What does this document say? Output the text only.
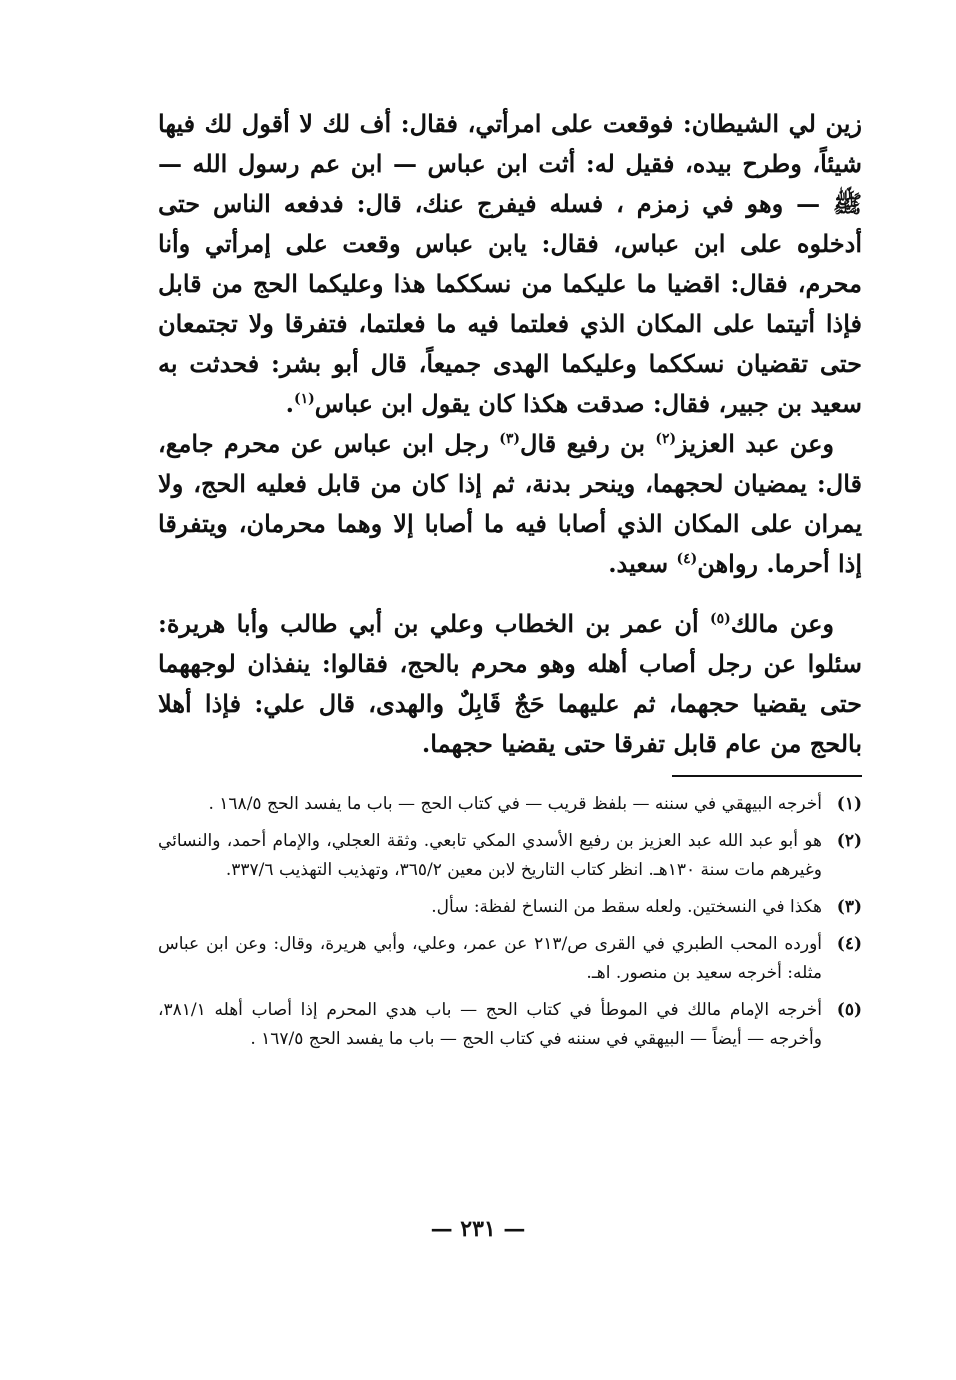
زين لي الشيطان: فوقعت على امرأتي، فقال: أف لك لا أقول لك فيها شيئاً، وطرح بيده، فقيل له: أثت ابن عباس — ابن عم رسول الله — ﷺ — وهو في زمزم ، فسله فيفرج عنك، قال: فدفعه الناس حتى أدخلوه على ابن عباس، فقال: يابن عباس وقعت على إمرأتي وأنا محرم، فقال: اقضيا ما عليكما من نسككما هذا وعليكما الحج من قابل فإذا أتيتما على المكان الذي فعلتما فيه ما فعلتما، فتفرقا ولا تجتمعان حتى تقضيان نسككما وعليكما الهدى جميعاً، قال أبو بشر: فحدثت به سعيد بن جبير، فقال: صدقت هكذا كان يقول ابن عباس$^{(١)}$.

وعن عبد العزيز$^{(٢)}$ بن رفيع قال$^{(٣)}$ رجل ابن عباس عن محرم جامع، قال: يمضيان لحجهما، وينحر بدنة، ثم إذا كان من قابل فعليه الحج، ولا يمران على المكان الذي أصابا فيه ما أصابا إلا وهما محرمان، ويتفرقا إذا أحرما. رواهن$^{(٤)}$ سعيد.

وعن مالك$^{(٥)}$ أن عمر بن الخطاب وعلي بن أبي طالب وأبا هريرة: سئلوا عن رجل أصاب أهله وهو محرم بالحج، فقالوا: ينفذان لوجههما حتى يقضيا حجهما، ثم عليهما حَجٌ قَابِلٌ والهدى، قال علي: فإذا أهلا بالحج من عام قابل تفرقا حتى يقضيا حجهما.

(١)
أخرجه البيهقي في سننه — بلفظ قريب — في كتاب الحج — باب ما يفسد الحج ١٦٨/٥ .
(٢)
هو أبو عبد الله عبد العزيز بن رفيع الأسدي المكي تابعي. وثقة العجلي، والإمام أحمد، والنسائي وغيرهم مات سنة ١٣٠هـ. انظر كتاب التاريخ لابن معين ٣٦٥/٢، وتهذيب التهذيب ٣٣٧/٦.
(٣)
هكذا في النسختين. ولعله سقط من النساخ لفظة: سأل.
(٤)
أورده المحب الطبري في القرى ص/٢١٣ عن عمر، وعلي، وأبي هريرة، وقال: وعن ابن عباس مثله: أخرجه سعيد بن منصور. اهـ.
(٥)
أخرجه الإمام مالك في الموطأ في كتاب الحج — باب هدي المحرم إذا أصاب أهله ٣٨١/١، وأخرجه — أيضاً — البيهقي في سننه في كتاب الحج — باب ما يفسد الحج ١٦٧/٥ .
— ٢٣١ —
